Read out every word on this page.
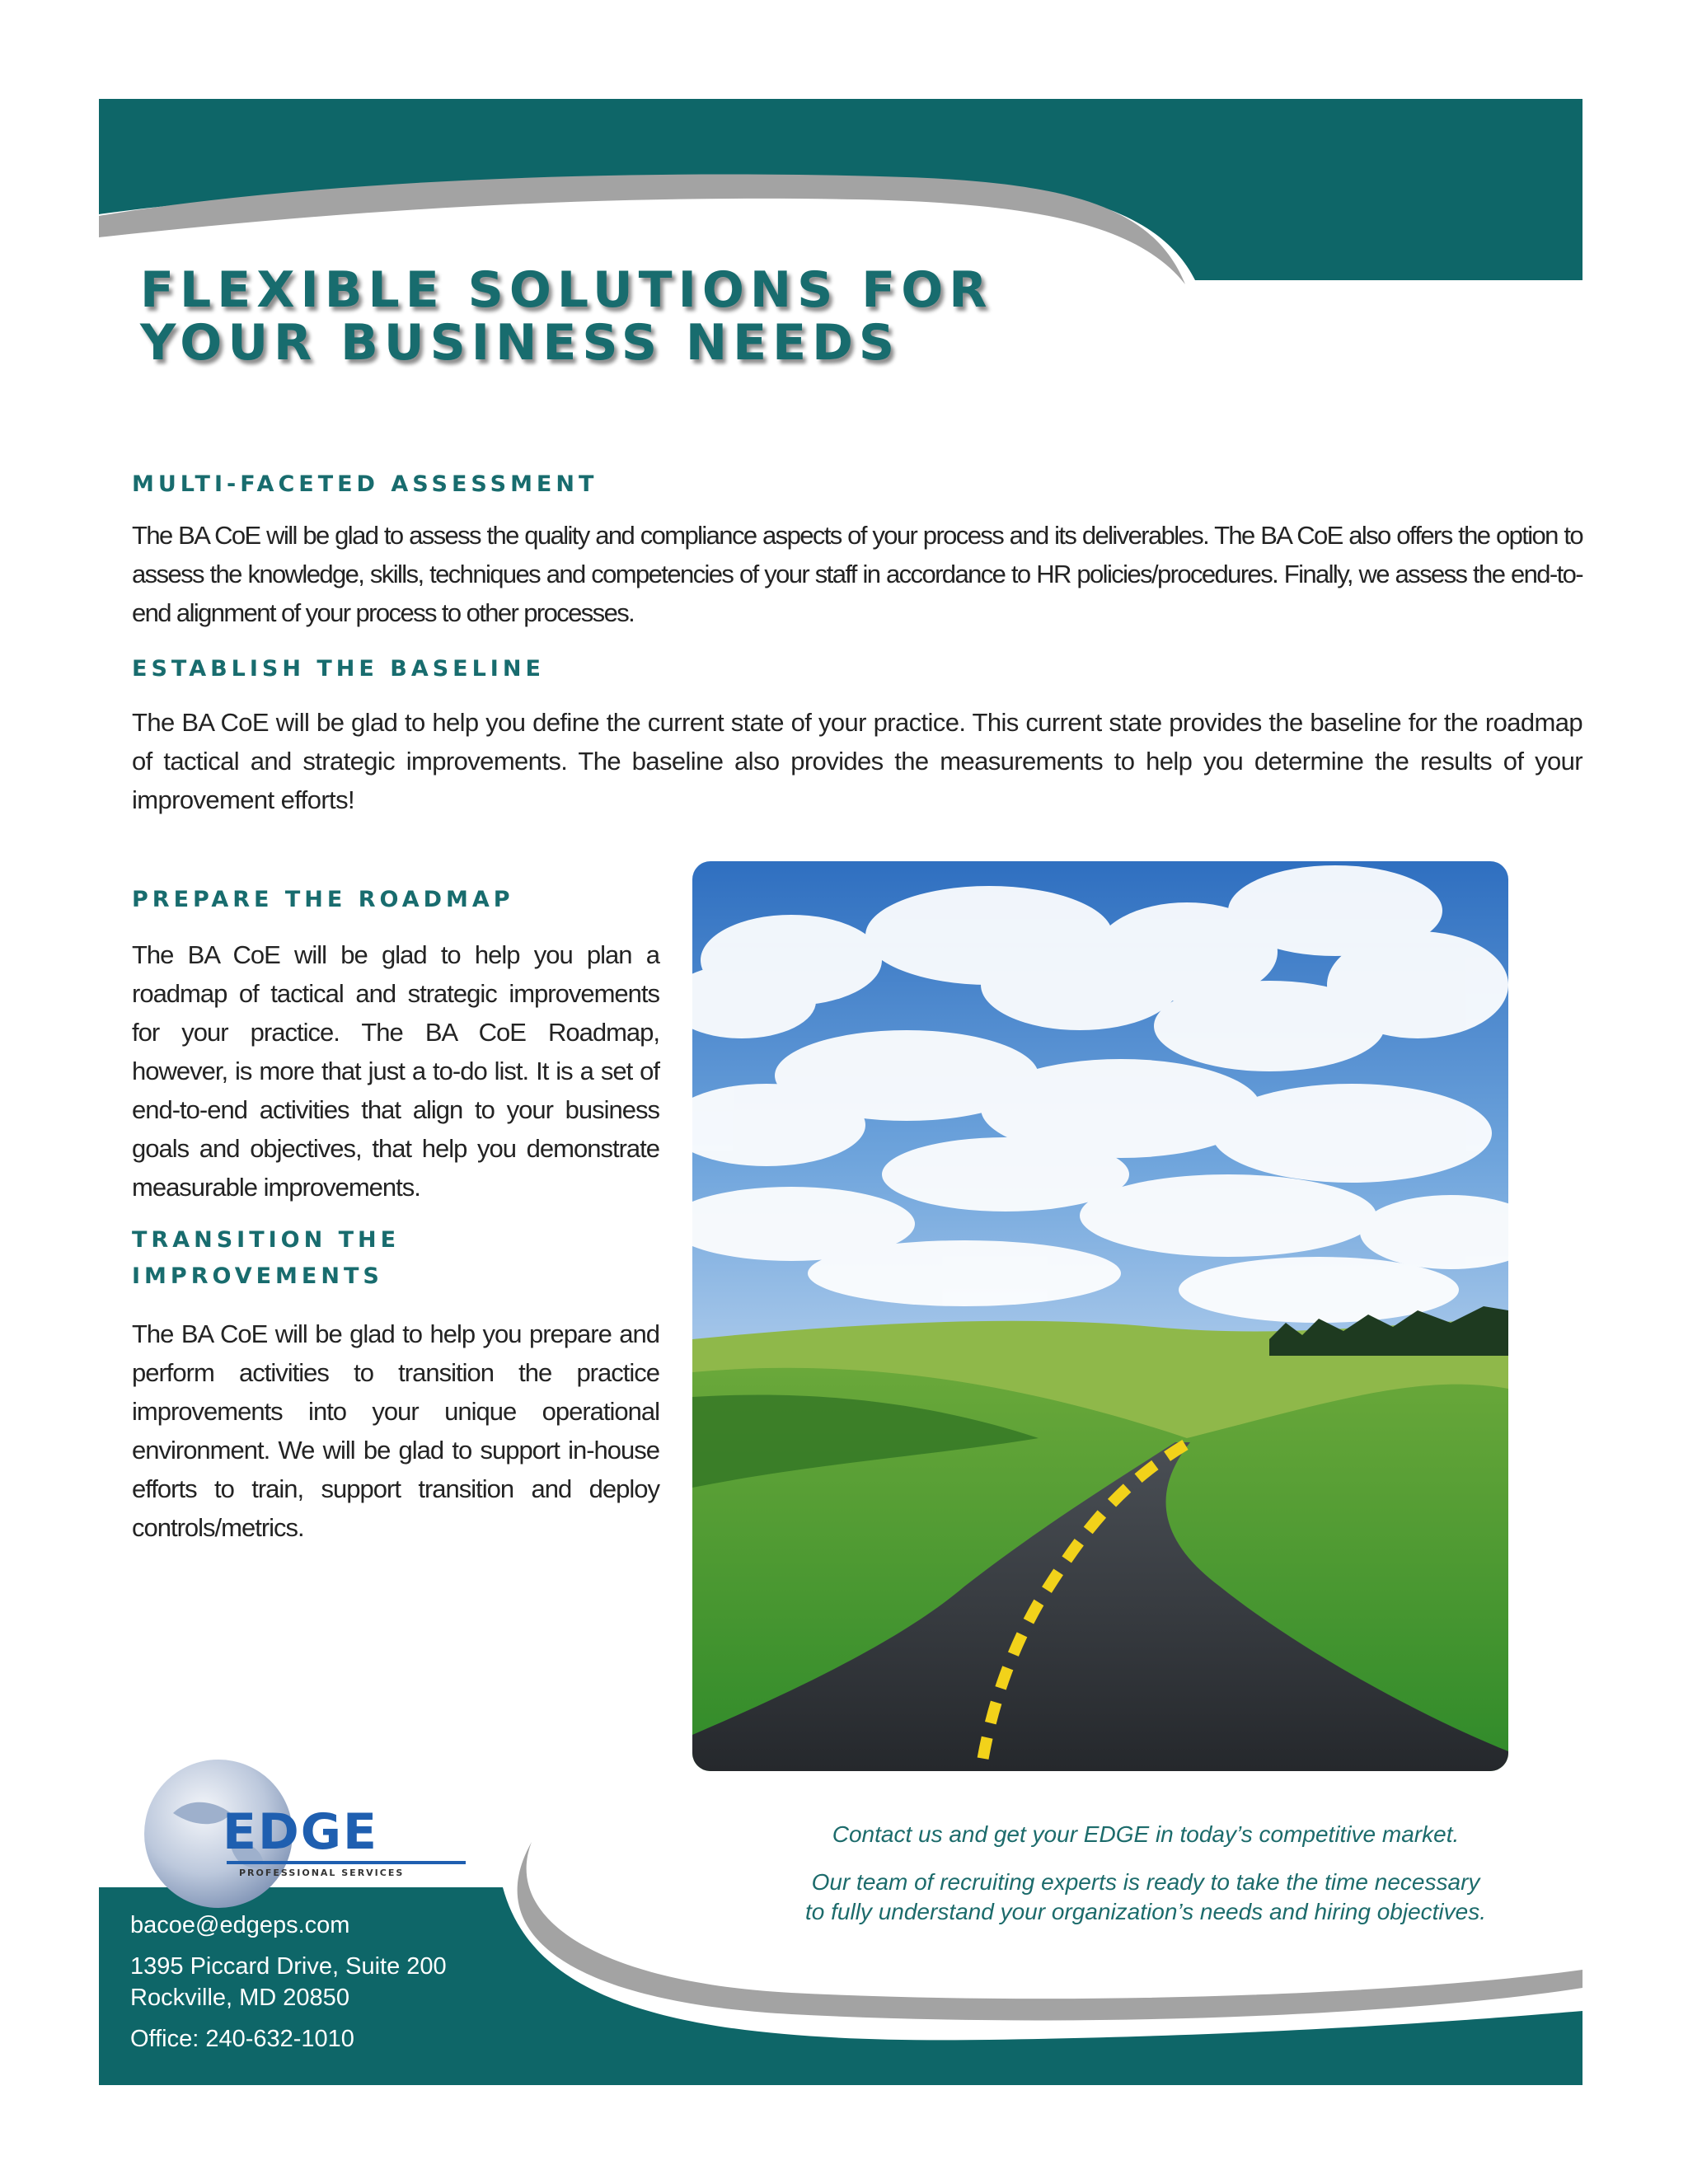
FLEXIBLE SOLUTIONS FOR YOUR BUSINESS NEEDS
MULTI-FACETED ASSESSMENT

The BA CoE will be glad to assess the quality and compliance aspects of your process and its deliverables. The BA CoE also offers the option to assess the knowledge, skills, techniques and competencies of your staff in accordance to HR policies/procedures. Finally, we assess the end-to-end alignment of your process to other processes.

ESTABLISH THE BASELINE

The BA CoE will be glad to help you define the current state of your practice. This current state provides the baseline for the roadmap of tactical and strategic improvements. The baseline also provides the measurements to help you determine the results of your improvement efforts!

PREPARE THE ROADMAP

The BA CoE will be glad to help you plan a roadmap of tactical and strategic improvements for your practice. The BA CoE Roadmap, however, is more that just a to-do list. It is a set of end-to-end activities that align to your business goals and objectives, that help you demonstrate measurable improvements.

TRANSITION THE IMPROVEMENTS

The BA CoE will be glad to help you prepare and perform activities to transition the practice improvements into your unique operational environment. We will be glad to support in-house efforts to train, support transition and deploy controls/metrics.

EDGE
PROFESSIONAL SERVICES

Contact us and get your EDGE in today’s competitive market.

Our team of recruiting experts is ready to take the time necessary

to fully understand your organization’s needs and hiring objectives.

bacoe@edgeps.com

1395 Piccard Drive, Suite 200

Rockville, MD 20850

Office: 240-632-1010
